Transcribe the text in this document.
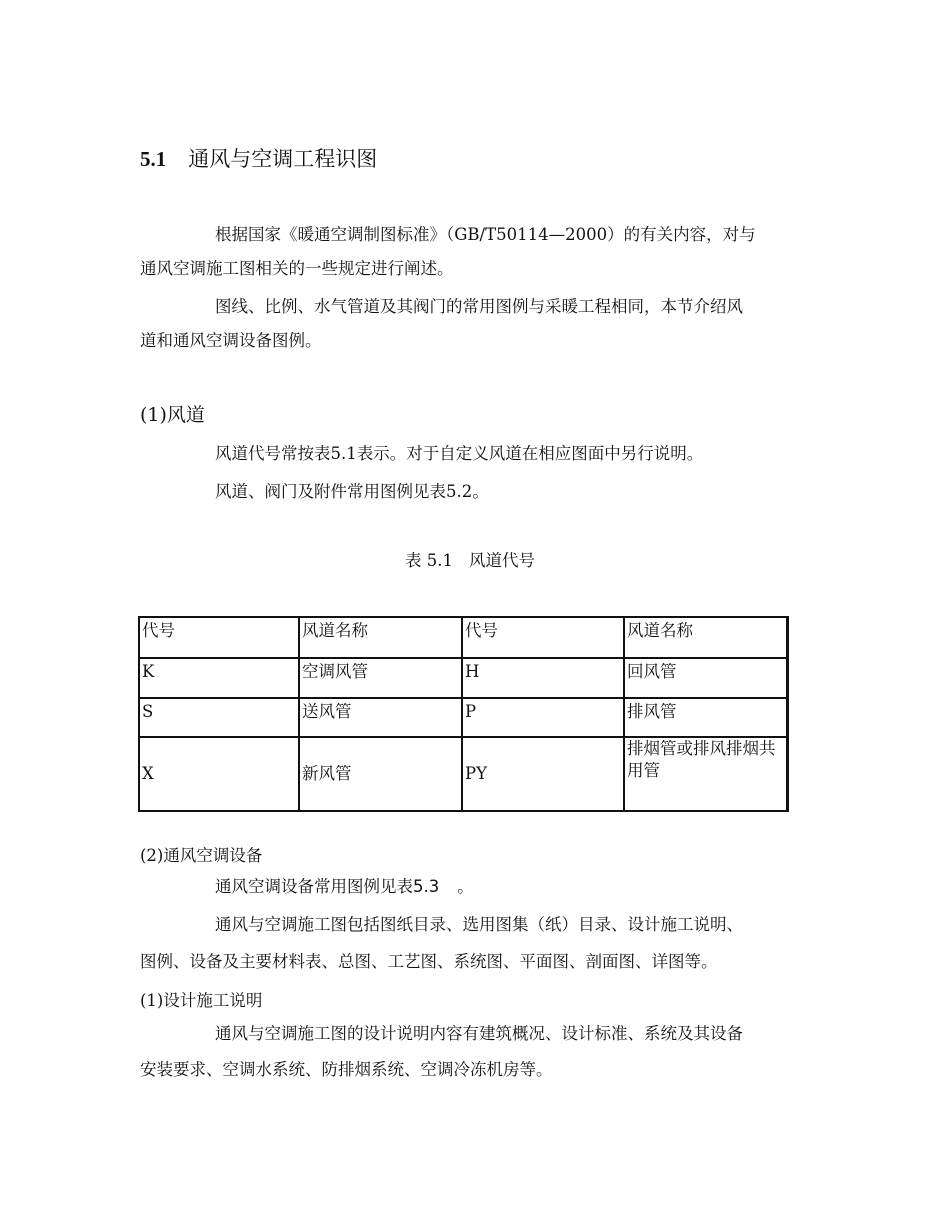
5.1 通风与空调工程识图
根据国家《暖通空调制图标准》（GB/T50114—2000）的有关内容，对与
通风空调施工图相关的一些规定进行阐述。
图线、比例、水气管道及其阀门的常用图例与采暖工程相同，本节介绍风
道和通风空调设备图例。
(1)风道
风道代号常按表5.1表示。对于自定义风道在相应图面中另行说明。
风道、阀门及附件常用图例见表5.2。
表 5.1 风道代号
代号	风道名称	代号	风道名称
K	空调风管	H	回风管
S	送风管	P	排风管
X	新风管	PY	排烟管或排风排烟共用管
(2)通风空调设备
通风空调设备常用图例见表5.3 。
通风与空调施工图包括图纸目录、选用图集（纸）目录、设计施工说明、
图例、设备及主要材料表、总图、工艺图、系统图、平面图、剖面图、详图等。
(1)设计施工说明
通风与空调施工图的设计说明内容有建筑概况、设计标准、系统及其设备
安装要求、空调水系统、防排烟系统、空调冷冻机房等。
